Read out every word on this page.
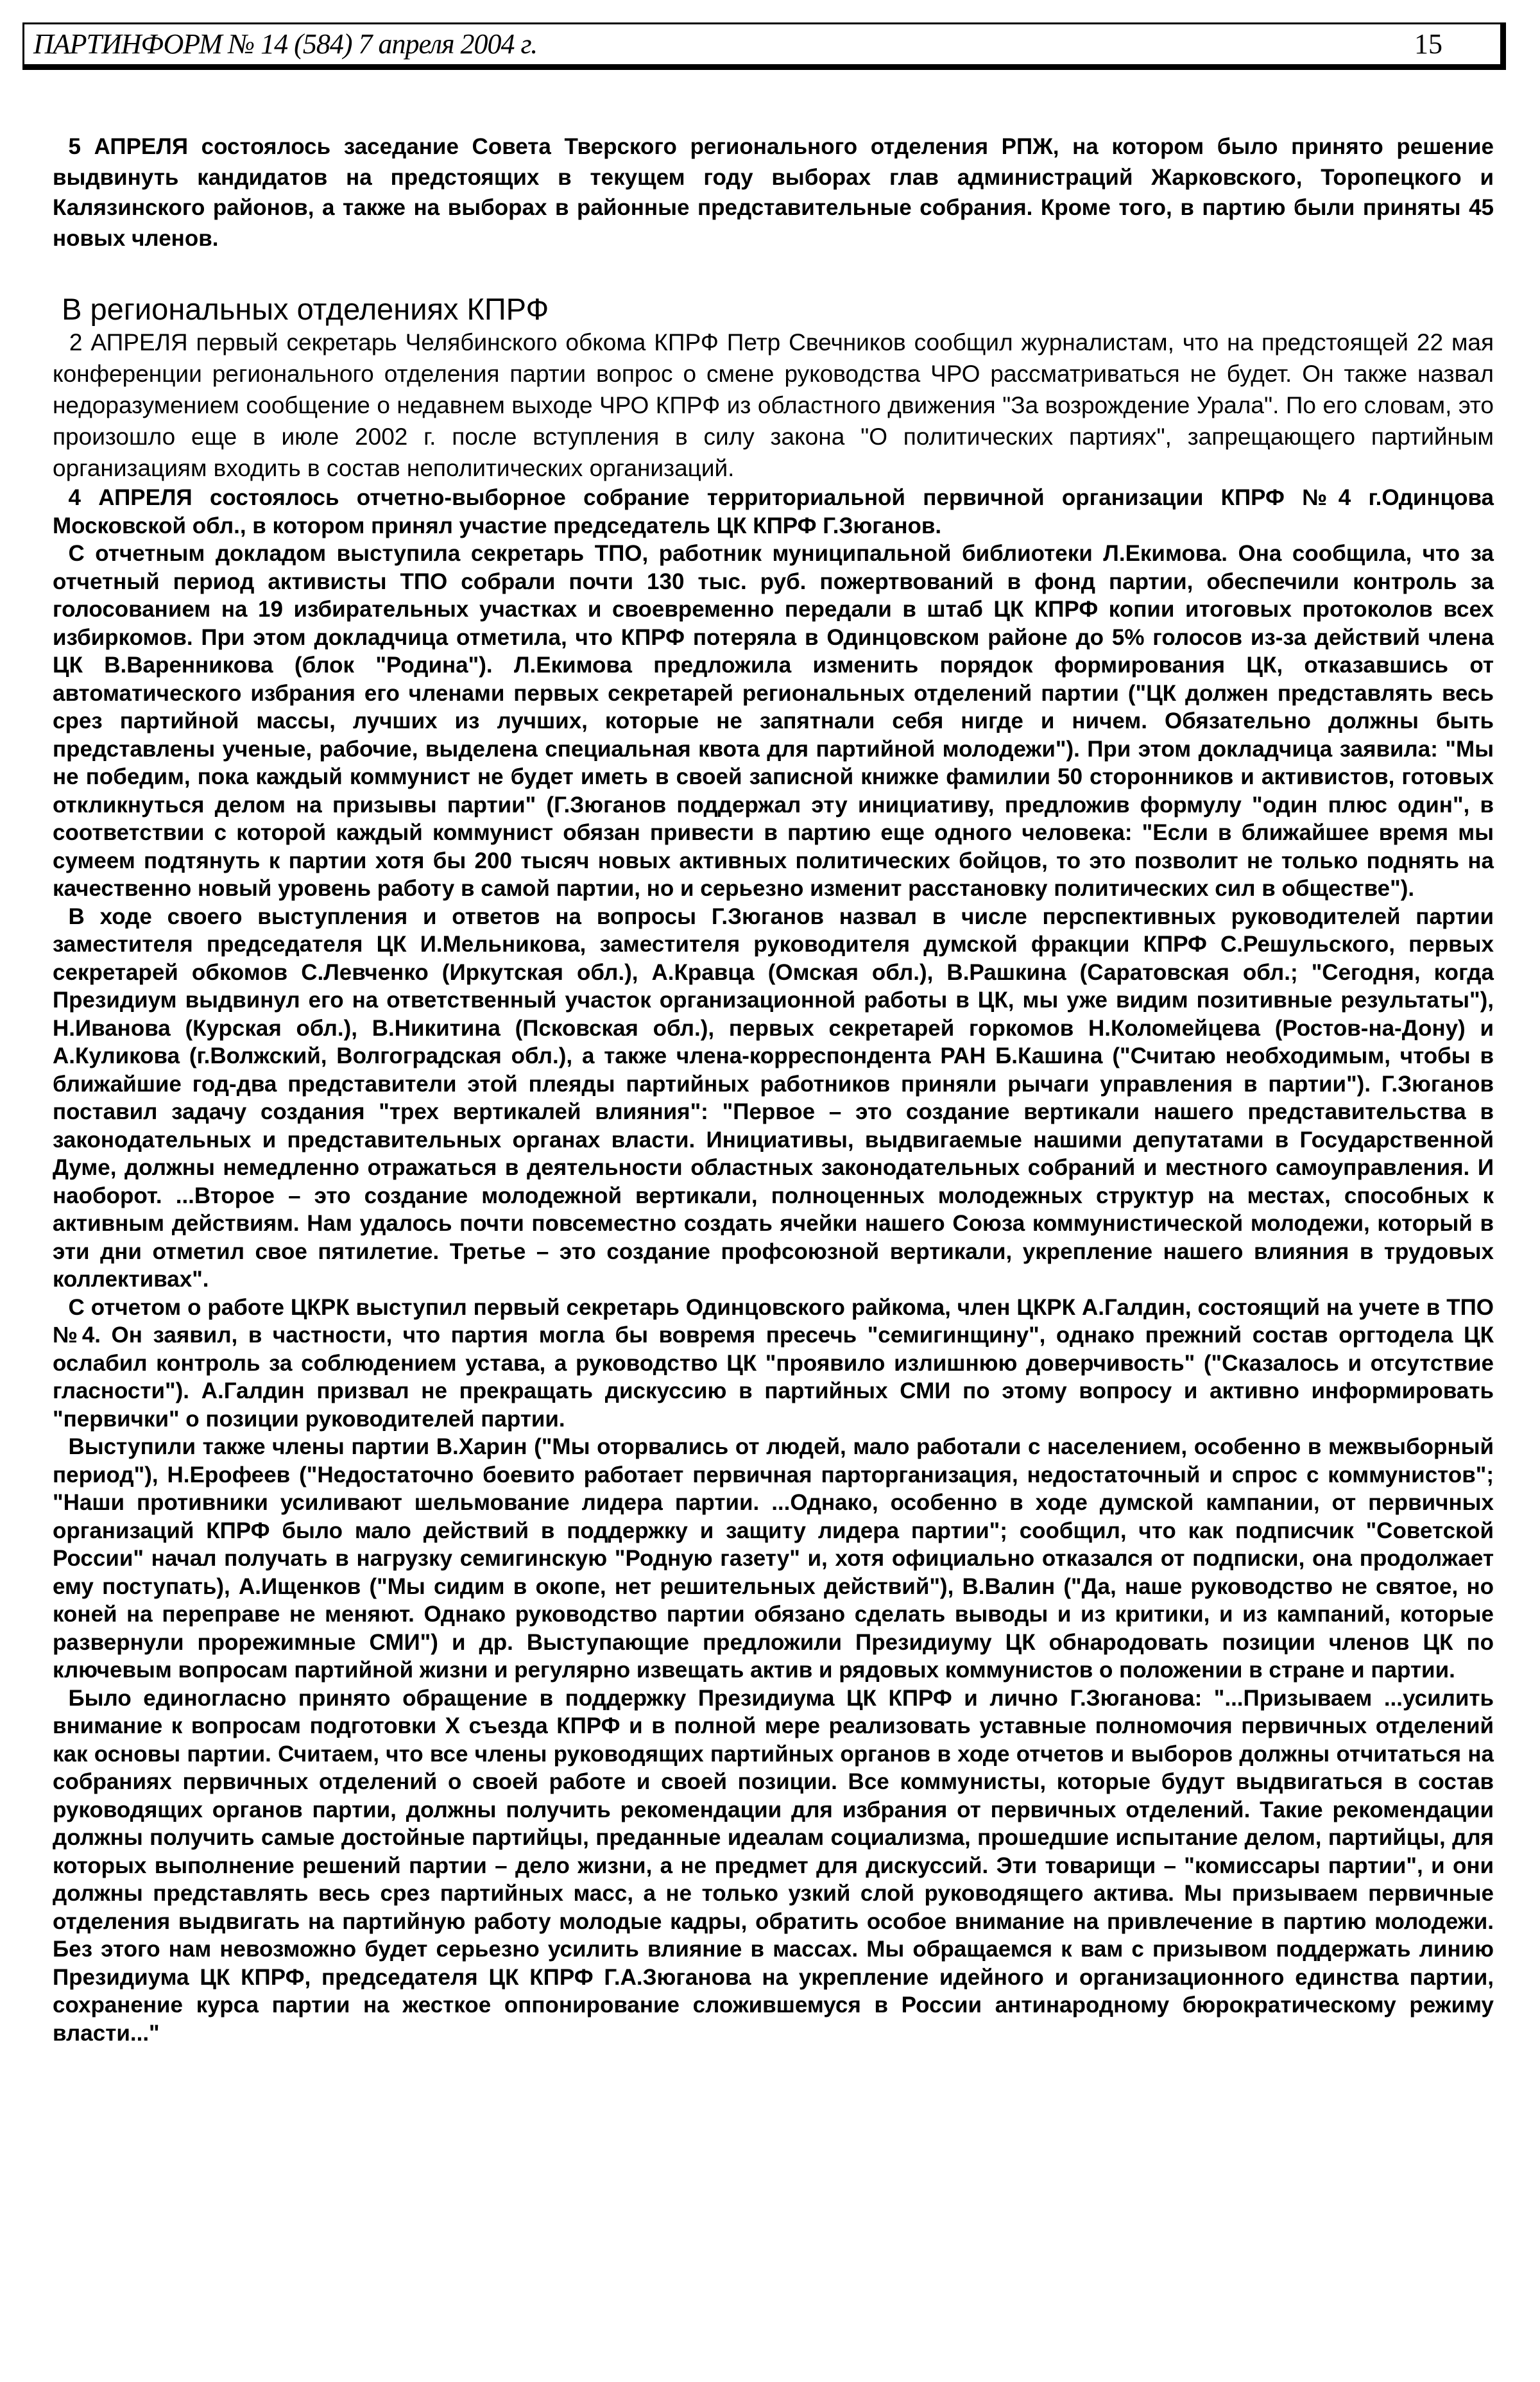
ПАРТИНФОРМ № 14 (584) 7 апреля 2004 г.	15

5 АПРЕЛЯ состоялось заседание Совета Тверского регионального отделения РПЖ, на котором было принято решение выдвинуть кандидатов на предстоящих в текущем году выборах глав администраций Жарковского, Торопецкого и Калязинского районов, а также на выборах в районные представительные собрания. Кроме того, в партию были приняты 45 новых членов.

В региональных отделениях КПРФ

2 АПРЕЛЯ первый секретарь Челябинского обкома КПРФ Петр Свечников сообщил журналистам, что на предстоящей 22 мая конференции регионального отделения партии вопрос о смене руководства ЧРО рассматриваться не будет. Он также назвал недоразумением сообщение о недавнем выходе ЧРО КПРФ из областного движения "За возрождение Урала". По его словам, это произошло еще в июле 2002 г. после вступления в силу закона "О политических партиях", запрещающего партийным организациям входить в состав неполитических организаций.

4 АПРЕЛЯ состоялось отчетно-выборное собрание территориальной первичной организации КПРФ №4 г.Одинцова Московской обл., в котором принял участие председатель ЦК КПРФ Г.Зюганов.

С отчетным докладом выступила секретарь ТПО, работник муниципальной библиотеки Л.Екимова. Она сообщила, что за отчетный период активисты ТПО собрали почти 130 тыс. руб. пожертвований в фонд партии, обеспечили контроль за голосованием на 19 избирательных участках и своевременно передали в штаб ЦК КПРФ копии итоговых протоколов всех избиркомов. При этом докладчица отметила, что КПРФ потеряла в Одинцовском районе до 5% голосов из-за действий члена ЦК В.Варенникова (блок "Родина"). Л.Екимова предложила изменить порядок формирования ЦК, отказавшись от автоматического избрания его членами первых секретарей региональных отделений партии ("ЦК должен представлять весь срез партийной массы, лучших из лучших, которые не запятнали себя нигде и ничем. Обязательно должны быть представлены ученые, рабочие, выделена специальная квота для партийной молодежи"). При этом докладчица заявила: "Мы не победим, пока каждый коммунист не будет иметь в своей записной книжке фамилии 50 сторонников и активистов, готовых откликнуться делом на призывы партии" (Г.Зюганов поддержал эту инициативу, предложив формулу "один плюс один", в соответствии с которой каждый коммунист обязан привести в партию еще одного человека: "Если в ближайшее время мы сумеем подтянуть к партии хотя бы 200 тысяч новых активных политических бойцов, то это позволит не только поднять на качественно новый уровень работу в самой партии, но и серьезно изменит расстановку политических сил в обществе").

В ходе своего выступления и ответов на вопросы Г.Зюганов назвал в числе перспективных руководителей партии заместителя председателя ЦК И.Мельникова, заместителя руководителя думской фракции КПРФ С.Решульского, первых секретарей обкомов С.Левченко (Иркутская обл.), А.Кравца (Омская обл.), В.Рашкина (Саратовская обл.; "Сегодня, когда Президиум выдвинул его на ответственный участок организационной работы в ЦК, мы уже видим позитивные результаты"), Н.Иванова (Курская обл.), В.Никитина (Псковская обл.), первых секретарей горкомов Н.Коломейцева (Ростов-на-Дону) и А.Куликова (г.Волжский, Волгоградская обл.), а также члена-корреспондента РАН Б.Кашина ("Считаю необходимым, чтобы в ближайшие год-два представители этой плеяды партийных работников приняли рычаги управления в партии"). Г.Зюганов поставил задачу создания "трех вертикалей влияния": "Первое – это создание вертикали нашего представительства в законодательных и представительных органах власти. Инициативы, выдвигаемые нашими депутатами в Государственной Думе, должны немедленно отражаться в деятельности областных законодательных собраний и местного самоуправления. И наоборот. ...Второе – это создание молодежной вертикали, полноценных молодежных структур на местах, способных к активным действиям. Нам удалось почти повсеместно создать ячейки нашего Союза коммунистической молодежи, который в эти дни отметил свое пятилетие. Третье – это создание профсоюзной вертикали, укрепление нашего влияния в трудовых коллективах".

С отчетом о работе ЦКРК выступил первый секретарь Одинцовского райкома, член ЦКРК А.Галдин, состоящий на учете в ТПО №4. Он заявил, в частности, что партия могла бы вовремя пресечь "семигинщину", однако прежний состав оргтодела ЦК ослабил контроль за соблюдением устава, а руководство ЦК "проявило излишнюю доверчивость" ("Сказалось и отсутствие гласности"). А.Галдин призвал не прекращать дискуссию в партийных СМИ по этому вопросу и активно информировать "первички" о позиции руководителей партии.

Выступили также члены партии В.Харин ("Мы оторвались от людей, мало работали с населением, особенно в межвыборный период"), Н.Ерофеев ("Недостаточно боевито работает первичная парторганизация, недостаточный и спрос с коммунистов"; "Наши противники усиливают шельмование лидера партии. ...Однако, особенно в ходе думской кампании, от первичных организаций КПРФ было мало действий в поддержку и защиту лидера партии"; сообщил, что как подписчик "Советской России" начал получать в нагрузку семигинскую "Родную газету" и, хотя официально отказался от подписки, она продолжает ему поступать), А.Ищенков ("Мы сидим в окопе, нет решительных действий"), В.Валин ("Да, наше руководство не святое, но коней на переправе не меняют. Однако руководство партии обязано сделать выводы и из критики, и из кампаний, которые развернули прорежимные СМИ") и др. Выступающие предложили Президиуму ЦК обнародовать позиции членов ЦК по ключевым вопросам партийной жизни и регулярно извещать актив и рядовых коммунистов о положении в стране и партии.

Было единогласно принято обращение в поддержку Президиума ЦК КПРФ и лично Г.Зюганова: "...Призываем ...усилить внимание к вопросам подготовки X съезда КПРФ и в полной мере реализовать уставные полномочия первичных отделений как основы партии. Считаем, что все члены руководящих партийных органов в ходе отчетов и выборов должны отчитаться на собраниях первичных отделений о своей работе и своей позиции. Все коммунисты, которые будут выдвигаться в состав руководящих органов партии, должны получить рекомендации для избрания от первичных отделений. Такие рекомендации должны получить самые достойные партийцы, преданные идеалам социализма, прошедшие испытание делом, партийцы, для которых выполнение решений партии – дело жизни, а не предмет для дискуссий. Эти товарищи – "комиссары партии", и они должны представлять весь срез партийных масс, а не только узкий слой руководящего актива. Мы призываем первичные отделения выдвигать на партийную работу молодые кадры, обратить особое внимание на привлечение в партию молодежи. Без этого нам невозможно будет серьезно усилить влияние в массах. Мы обращаемся к вам с призывом поддержать линию Президиума ЦК КПРФ, председателя ЦК КПРФ Г.А.Зюганова на укрепление идейного и организационного единства партии, сохранение курса партии на жесткое оппонирование сложившемуся в России антинародному бюрократическому режиму власти..."
